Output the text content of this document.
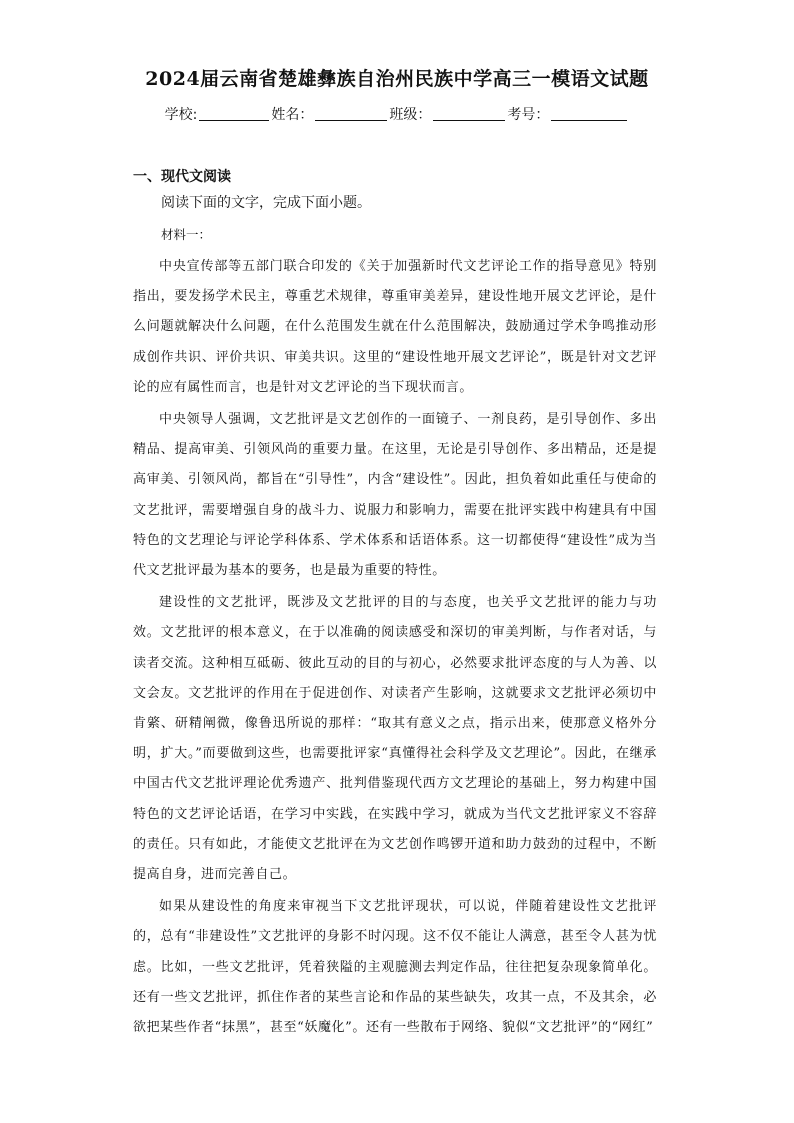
2024届云南省楚雄彝族自治州民族中学高三一模语文试题
学校:	姓名：	班级：	考号：
一、现代文阅读
阅读下面的文字，完成下面小题。
材料一：

中央宣传部等五部门联合印发的《关于加强新时代文艺评论工作的指导意见》特别指出，要发扬学术民主，尊重艺术规律，尊重审美差异，建设性地开展文艺评论，是什么问题就解决什么问题，在什么范围发生就在什么范围解决，鼓励通过学术争鸣推动形成创作共识、评价共识、审美共识。这里的“建设性地开展文艺评论”，既是针对文艺评论的应有属性而言，也是针对文艺评论的当下现状而言。

中央领导人强调，文艺批评是文艺创作的一面镜子、一剂良药，是引导创作、多出精品、提高审美、引领风尚的重要力量。在这里，无论是引导创作、多出精品，还是提高审美、引领风尚，都旨在“引导性”，内含“建设性”。因此，担负着如此重任与使命的文艺批评，需要增强自身的战斗力、说服力和影响力，需要在批评实践中构建具有中国特色的文艺理论与评论学科体系、学术体系和话语体系。这一切都使得“建设性”成为当代文艺批评最为基本的要务，也是最为重要的特性。

建设性的文艺批评，既涉及文艺批评的目的与态度，也关乎文艺批评的能力与功效。文艺批评的根本意义，在于以准确的阅读感受和深切的审美判断，与作者对话，与读者交流。这种相互砥砺、彼此互动的目的与初心，必然要求批评态度的与人为善、以文会友。文艺批评的作用在于促进创作、对读者产生影响，这就要求文艺批评必须切中肯綮、研精阐微，像鲁迅所说的那样：“取其有意义之点，指示出来，使那意义格外分明，扩大。”而要做到这些，也需要批评家“真懂得社会科学及文艺理论”。因此，在继承中国古代文艺批评理论优秀遗产、批判借鉴现代西方文艺理论的基础上，努力构建中国特色的文艺评论话语，在学习中实践，在实践中学习，就成为当代文艺批评家义不容辞的责任。只有如此，才能使文艺批评在为文艺创作鸣锣开道和助力鼓劲的过程中，不断提高自身，进而完善自己。

如果从建设性的角度来审视当下文艺批评现状，可以说，伴随着建设性文艺批评的，总有“非建设性”文艺批评的身影不时闪现。这不仅不能让人满意，甚至令人甚为忧虑。比如，一些文艺批评，凭着狭隘的主观臆测去判定作品，往往把复杂现象简单化。还有一些文艺批评，抓住作者的某些言论和作品的某些缺失，攻其一点，不及其余，必欲把某些作者“抹黑”，甚至“妖魔化”。还有一些散布于网络、貌似“文艺批评”的“网红”
